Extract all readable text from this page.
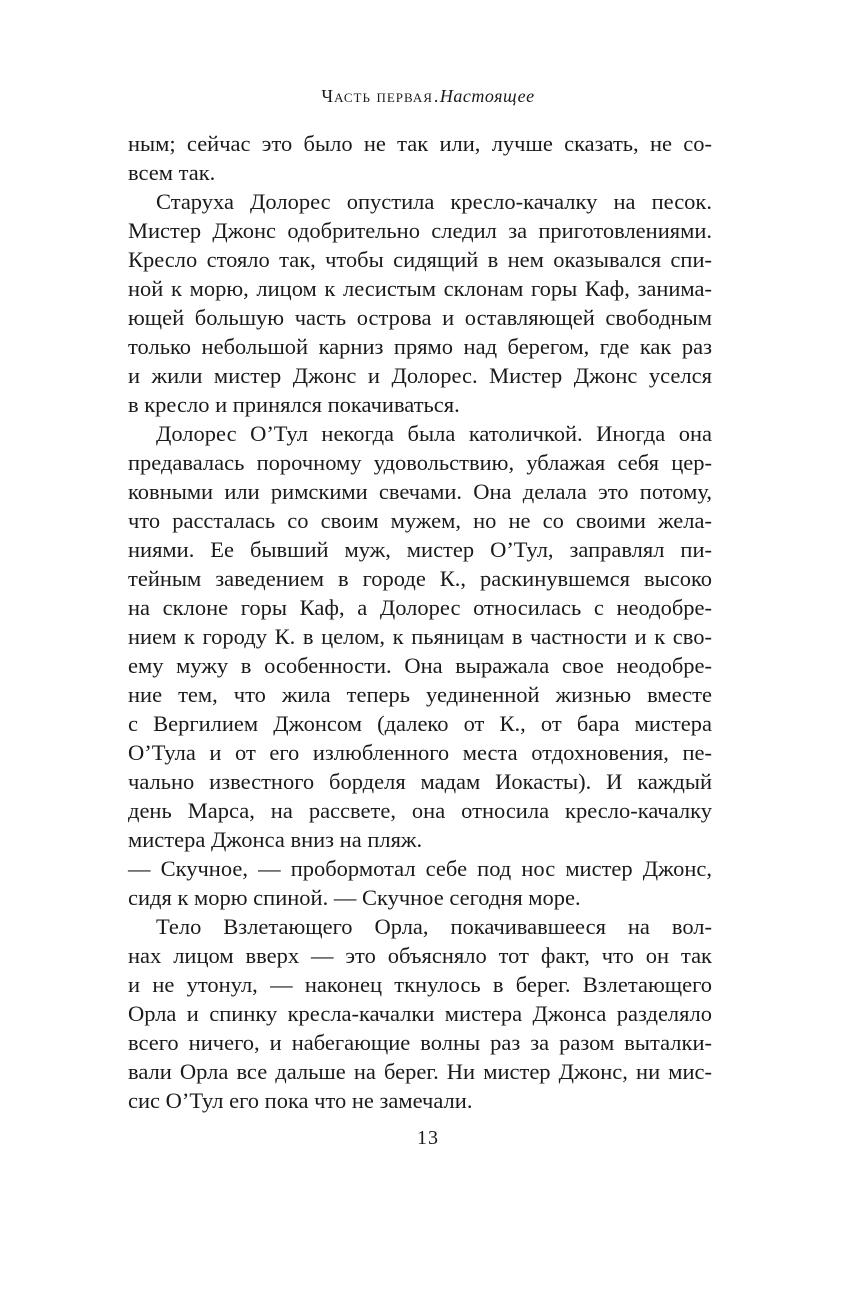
Часть первая.Настоящее
ным; сейчас это было не так или, лучше сказать, не со-
всем так.
Старуха Долорес опустила кресло-качалку на песок.
Мистер Джонс одобрительно следил за приготовлениями.
Кресло стояло так, чтобы сидящий в нем оказывался спи-
ной к морю, лицом к лесистым склонам горы Каф, занима-
ющей большую часть острова и оставляющей свободным
только небольшой карниз прямо над берегом, где как раз
и жили мистер Джонс и Долорес. Мистер Джонс уселся
в кресло и принялся покачиваться.
Долорес О’Тул некогда была католичкой. Иногда она
предавалась порочному удовольствию, ублажая себя цер-
ковными или римскими свечами. Она делала это потому,
что рассталась со своим мужем, но не со своими жела-
ниями. Ее бывший муж, мистер О’Тул, заправлял пи-
тейным заведением в городе К., раскинувшемся высоко
на склоне горы Каф, а Долорес относилась с неодобре-
нием к городу К. в целом, к пьяницам в частности и к сво-
ему мужу в особенности. Она выражала свое неодобре-
ние тем, что жила теперь уединенной жизнью вместе
с Вергилием Джонсом (далеко от К., от бара мистера
О’Тула и от его излюбленного места отдохновения, пе-
чально известного борделя мадам Иокасты). И каждый
день Марса, на рассвете, она относила кресло-качалку
мистера Джонса вниз на пляж.
— Скучное, — пробормотал себе под нос мистер Джонс,
сидя к морю спиной. — Скучное сегодня море.
Тело Взлетающего Орла, покачивавшееся на вол-
нах лицом вверх — это объясняло тот факт, что он так
и не утонул, — наконец ткнулось в берег. Взлетающего
Орла и спинку кресла-качалки мистера Джонса разделяло
всего ничего, и набегающие волны раз за разом выталки-
вали Орла все дальше на берег. Ни мистер Джонс, ни мис-
сис О’Тул его пока что не замечали.
13
